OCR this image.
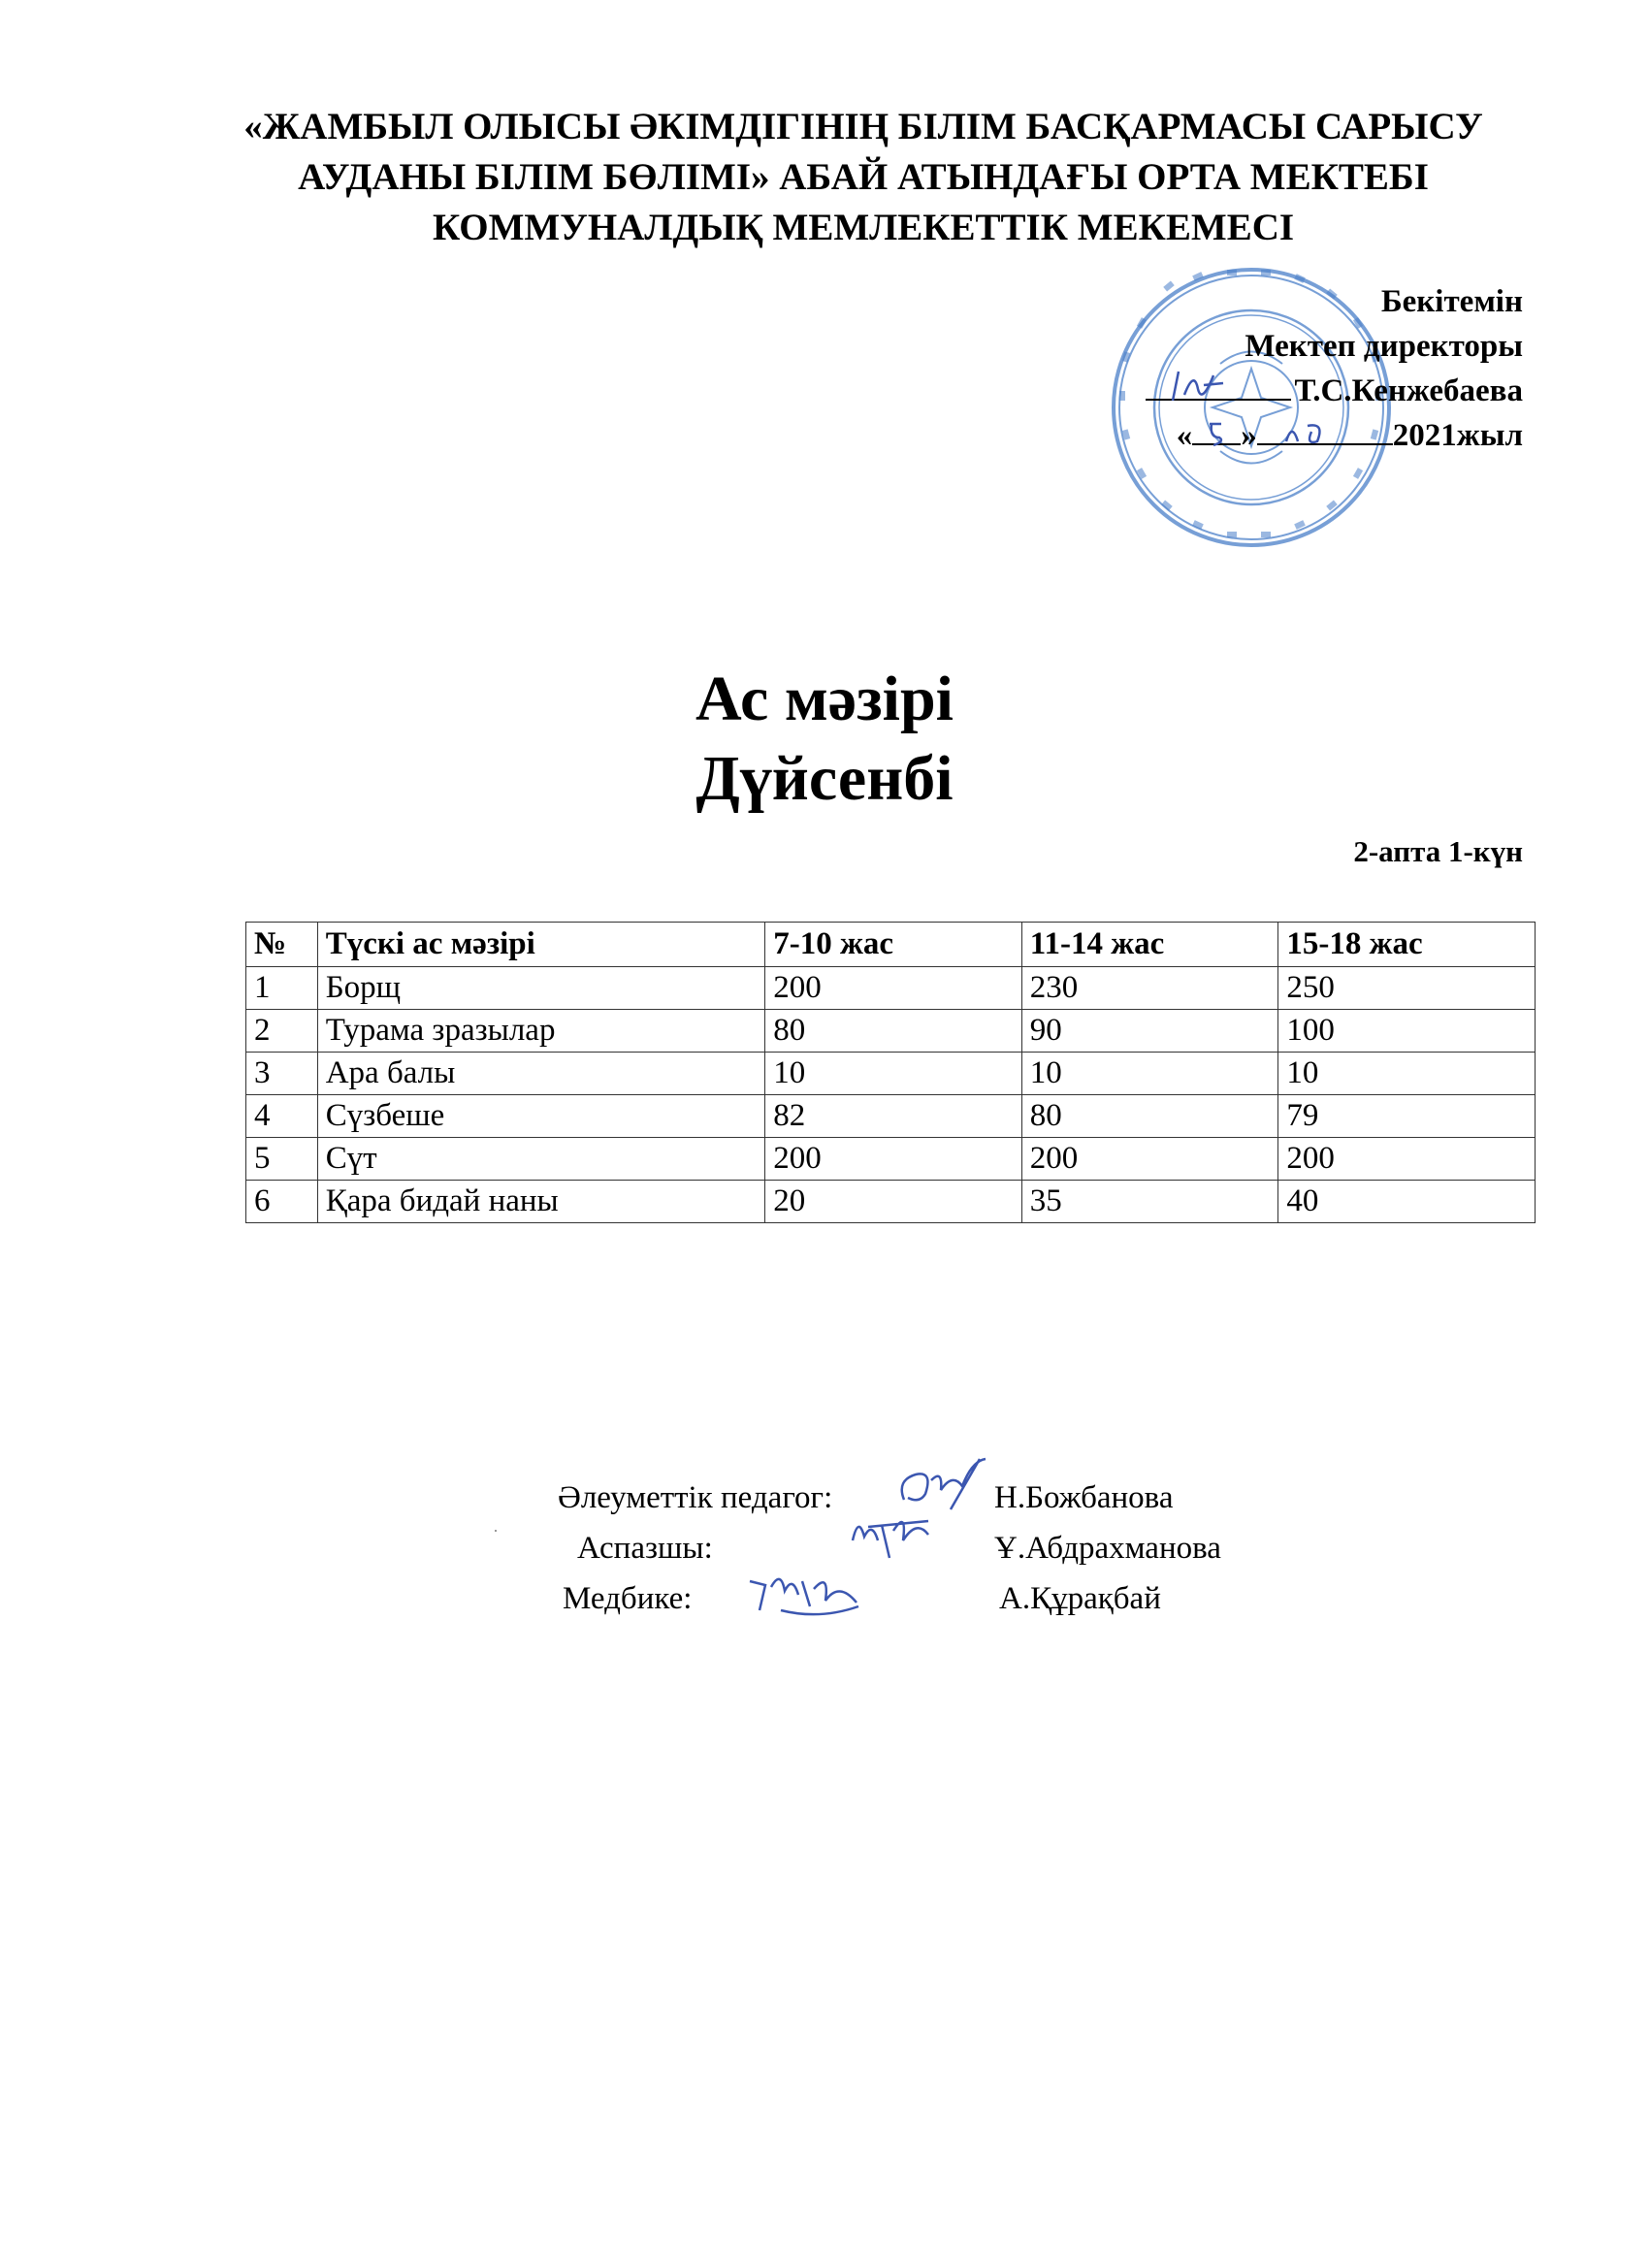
«ЖАМБЫЛ ОЛЫСЫ ӘКІМДІГІНІҢ БІЛІМ БАСҚАРМАСЫ САРЫСУ
АУДАНЫ БІЛІМ БӨЛІМІ» АБАЙ АТЫНДАҒЫ ОРТА МЕКТЕБІ
КОММУНАЛДЫҚ МЕМЛЕКЕТТІК МЕКЕМЕСІ
Бекітемін
Мектеп директоры
Т.С.Кенжебаева
« »	2021жыл
Ас мәзірі
Дүйсенбі
2-апта 1-күн
№	Түскі ас мәзірі	7-10 жас	11-14 жас	15-18 жас
1	Борщ	200	230	250
2	Турама зразылар	80	90	100
3	Ара балы	10	10	10
4	Сүзбеше	82	80	79
5	Сүт	200	200	200
6	Қара бидай наны	20	35	40
Әлеуметтік педагог:	Н.Божбанова
Аспазшы:	Ұ.Абдрахманова
Медбике:	А.Құрақбай
